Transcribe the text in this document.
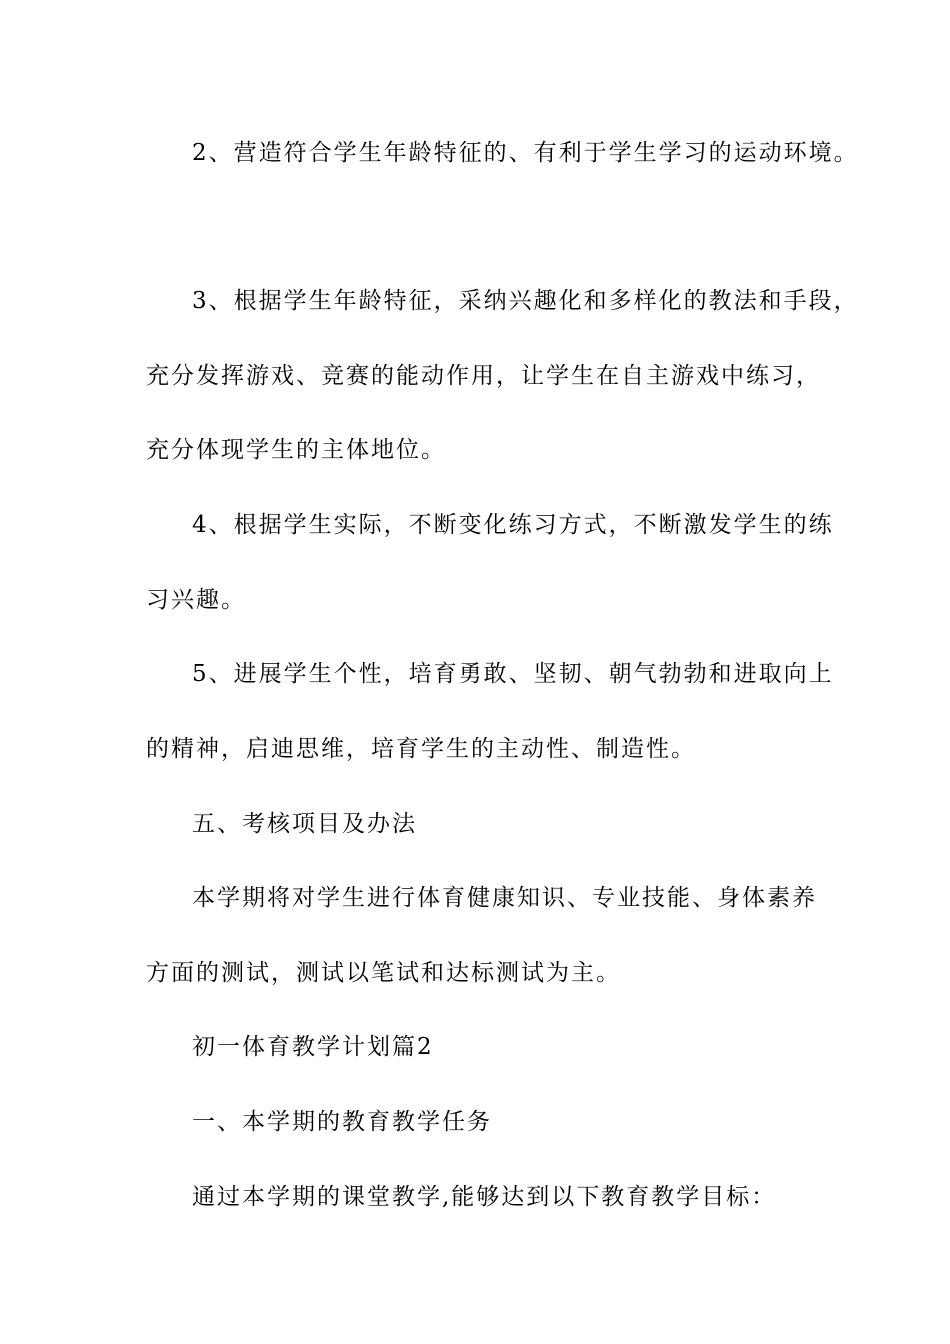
2、营造符合学生年龄特征的、有利于学生学习的运动环境。
3、根据学生年龄特征，采纳兴趣化和多样化的教法和手段，
充分发挥游戏、竞赛的能动作用，让学生在自主游戏中练习，
充分体现学生的主体地位。
4、根据学生实际，不断变化练习方式，不断激发学生的练
习兴趣。
5、进展学生个性，培育勇敢、坚韧、朝气勃勃和进取向上
的精神，启迪思维，培育学生的主动性、制造性。
五、考核项目及办法
本学期将对学生进行体育健康知识、专业技能、身体素养
方面的测试，测试以笔试和达标测试为主。
初一体育教学计划篇2
一、本学期的教育教学任务
通过本学期的课堂教学,能够达到以下教育教学目标：
